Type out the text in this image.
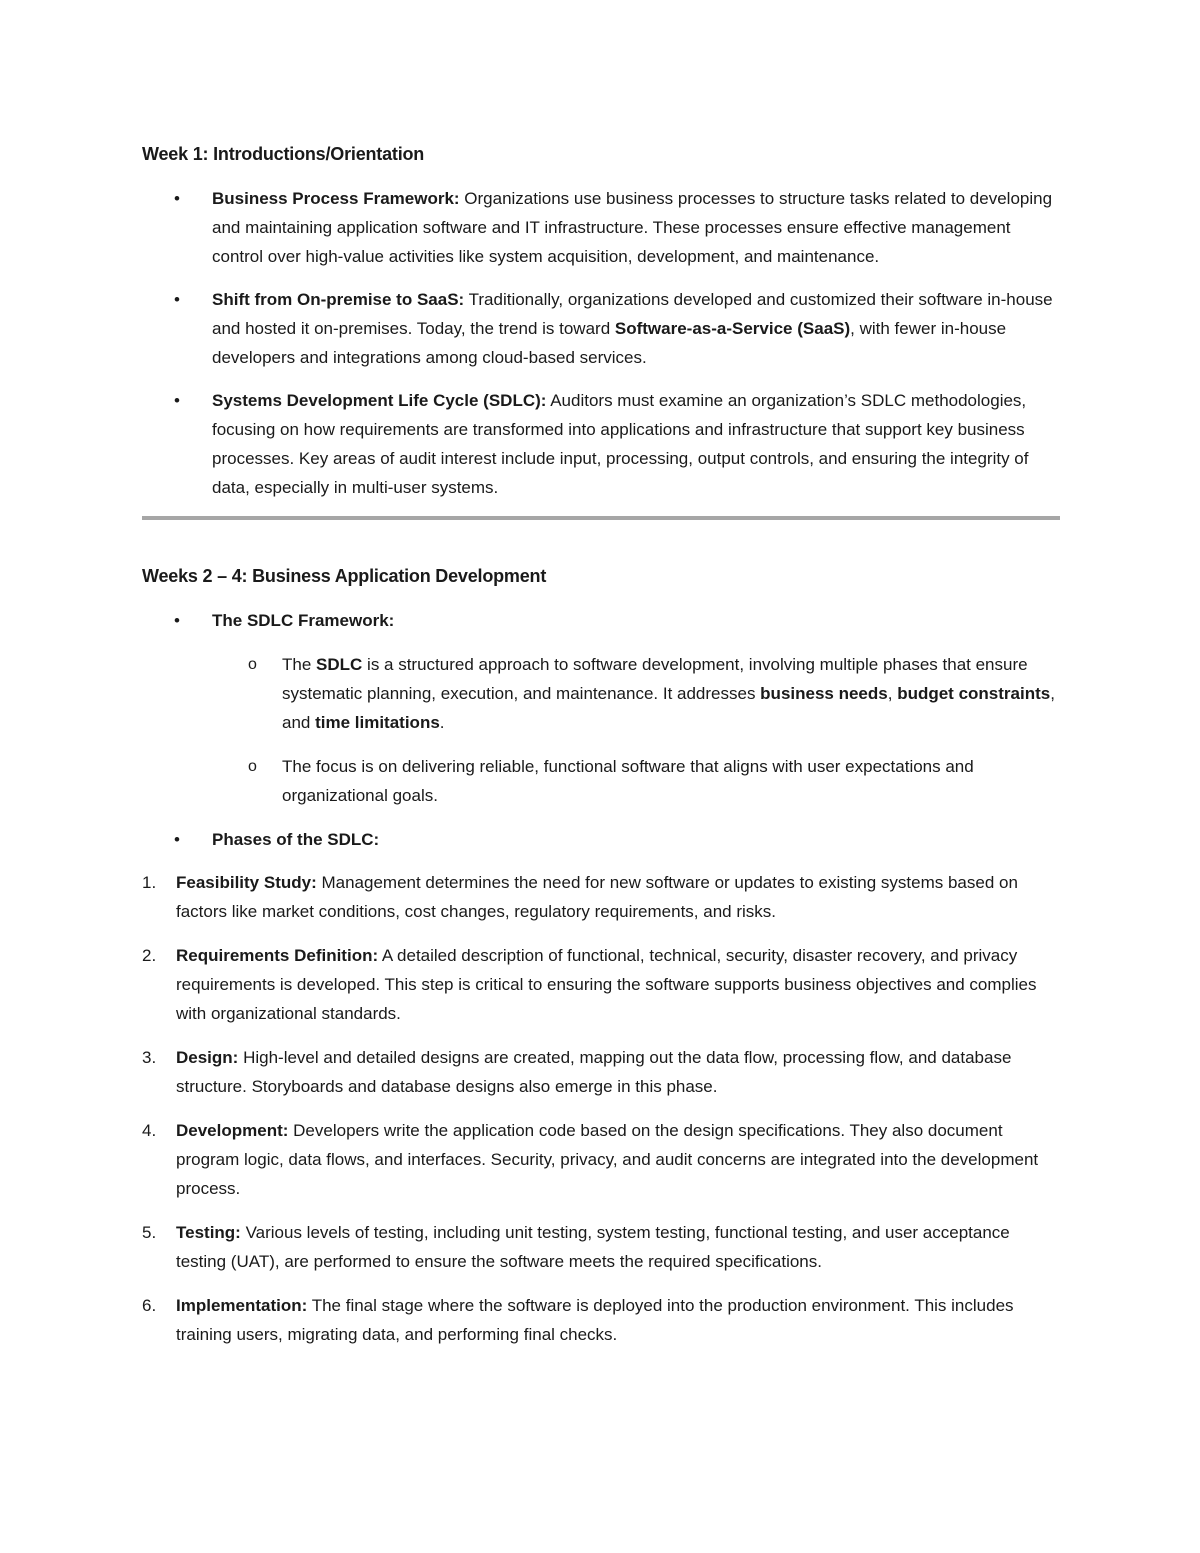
Week 1: Introductions/Orientation
• Business Process Framework: Organizations use business processes to structure tasks related to developing and maintaining application software and IT infrastructure. These processes ensure effective management control over high-value activities like system acquisition, development, and maintenance.
• Shift from On-premise to SaaS: Traditionally, organizations developed and customized their software in-house and hosted it on-premises. Today, the trend is toward Software-as-a-Service (SaaS), with fewer in-house developers and integrations among cloud-based services.
• Systems Development Life Cycle (SDLC): Auditors must examine an organization’s SDLC methodologies, focusing on how requirements are transformed into applications and infrastructure that support key business processes. Key areas of audit interest include input, processing, output controls, and ensuring the integrity of data, especially in multi-user systems.
Weeks 2 – 4: Business Application Development
• The SDLC Framework:
o The SDLC is a structured approach to software development, involving multiple phases that ensure systematic planning, execution, and maintenance. It addresses business needs, budget constraints, and time limitations.
o The focus is on delivering reliable, functional software that aligns with user expectations and organizational goals.
• Phases of the SDLC:
1. Feasibility Study: Management determines the need for new software or updates to existing systems based on factors like market conditions, cost changes, regulatory requirements, and risks.
2. Requirements Definition: A detailed description of functional, technical, security, disaster recovery, and privacy requirements is developed. This step is critical to ensuring the software supports business objectives and complies with organizational standards.
3. Design: High-level and detailed designs are created, mapping out the data flow, processing flow, and database structure. Storyboards and database designs also emerge in this phase.
4. Development: Developers write the application code based on the design specifications. They also document program logic, data flows, and interfaces. Security, privacy, and audit concerns are integrated into the development process.
5. Testing: Various levels of testing, including unit testing, system testing, functional testing, and user acceptance testing (UAT), are performed to ensure the software meets the required specifications.
6. Implementation: The final stage where the software is deployed into the production environment. This includes training users, migrating data, and performing final checks.
